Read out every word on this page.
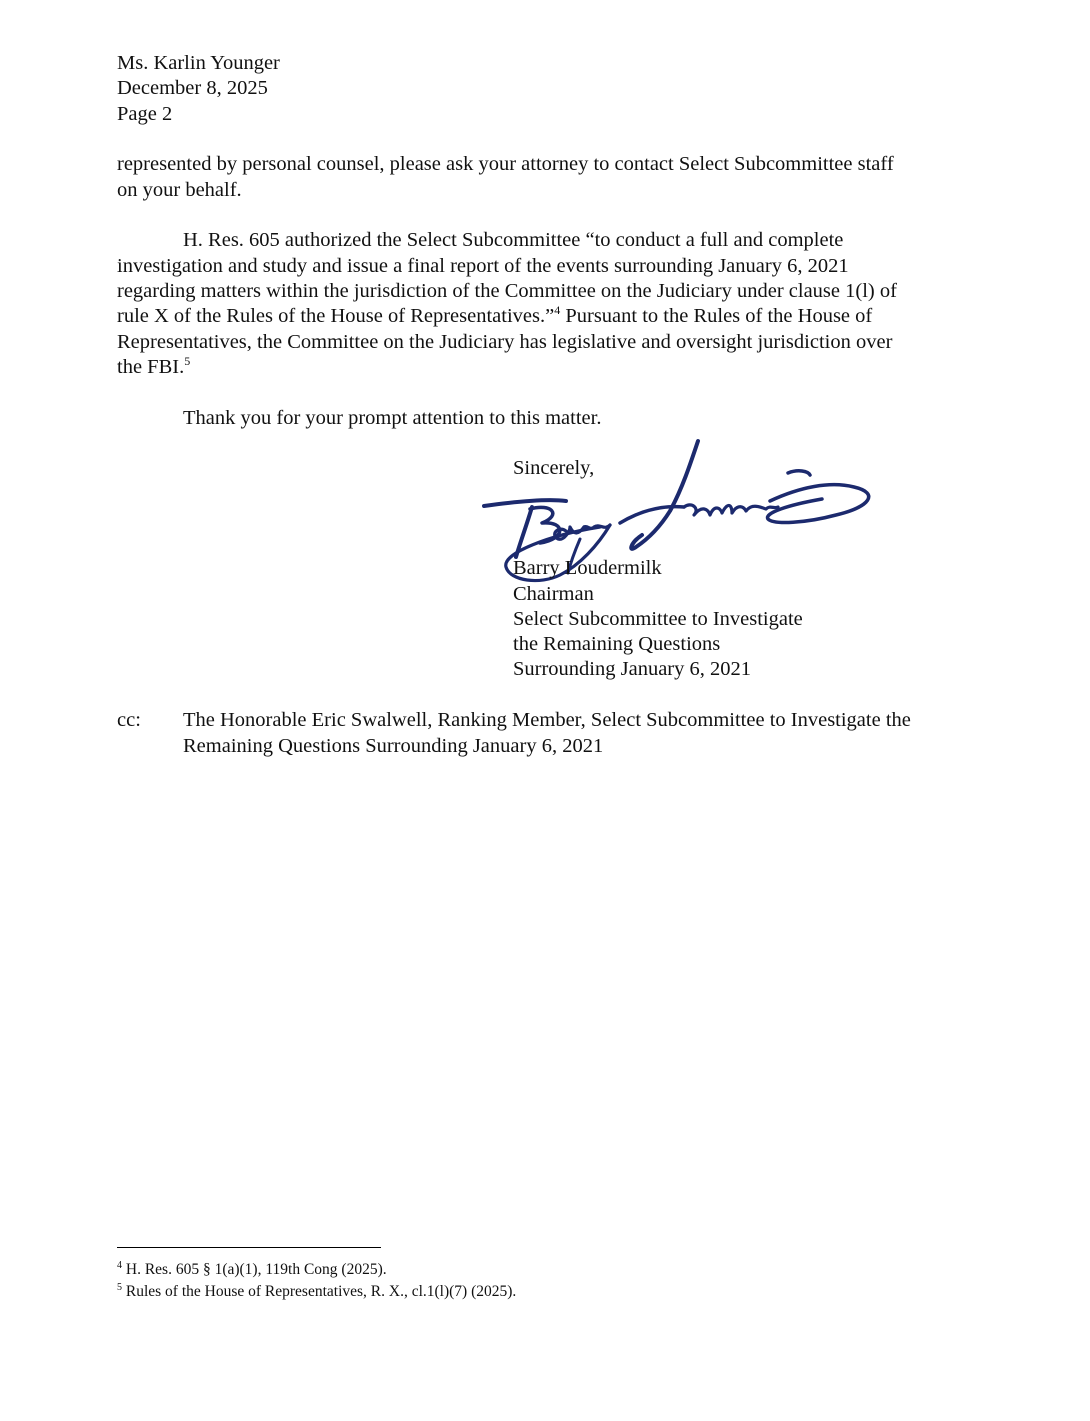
Ms. Karlin Younger
December 8, 2025
Page 2
represented by personal counsel, please ask your attorney to contact Select Subcommittee staff
on your behalf.
H. Res. 605 authorized the Select Subcommittee “to conduct a full and complete
investigation and study and issue a final report of the events surrounding January 6, 2021
regarding matters within the jurisdiction of the Committee on the Judiciary under clause 1(l) of
rule X of the Rules of the House of Representatives.”$^4$ Pursuant to the Rules of the House of
Representatives, the Committee on the Judiciary has legislative and oversight jurisdiction over
the FBI.$^5$
Thank you for your prompt attention to this matter.
Sincerely,
Barry Loudermilk
Chairman
Select Subcommittee to Investigate
the Remaining Questions
Surrounding January 6, 2021
cc: The Honorable Eric Swalwell, Ranking Member, Select Subcommittee to Investigate the
Remaining Questions Surrounding January 6, 2021
$^4$ H. Res. 605 § 1(a)(1), 119th Cong (2025).
$^5$ Rules of the House of Representatives, R. X., cl.1(l)(7) (2025).
